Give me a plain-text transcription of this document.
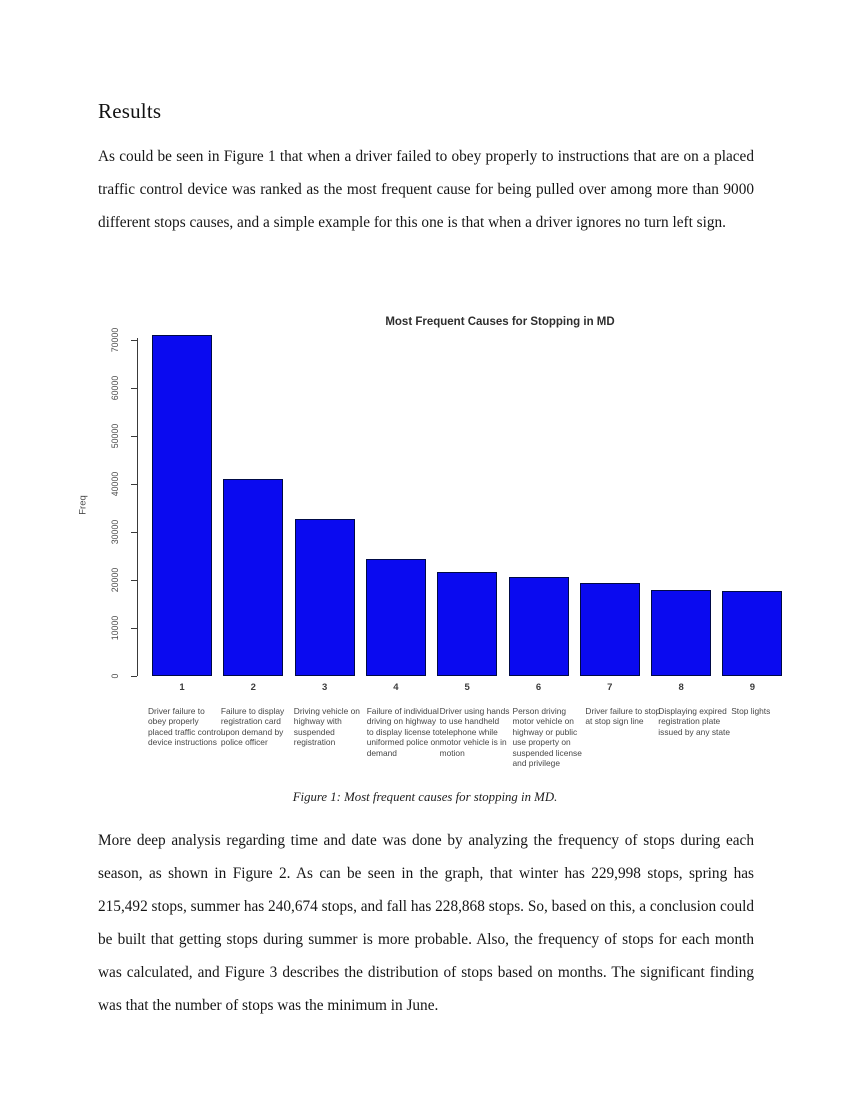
Results

As could be seen in Figure 1 that when a driver failed to obey properly to instructions that are on a placed traffic control device was ranked as the most frequent cause for being pulled over among more than 9000 different stops causes, and a simple example for this one is that when a driver ignores no turn left sign.

Most Frequent Causes for Stopping in MD
Freq
0
10000
20000
30000
40000
50000
60000
70000
1	2	3	4	5	6	7	8	9
Driver failure to obey properly placed traffic control device instructions
Failure to display registration card upon demand by police officer
Driving vehicle on highway with suspended registration
Failure of individual driving on highway to display license to uniformed police on demand
Driver using hands to use handheld telephone while motor vehicle is in motion
Person driving motor vehicle on highway or public use property on suspended license and privilege
Driver failure to stop at stop sign line
Displaying expired registration plate issued by any state
Stop lights
Figure 1: Most frequent causes for stopping in MD.

More deep analysis regarding time and date was done by analyzing the frequency of stops during each season, as shown in Figure 2. As can be seen in the graph, that winter has 229,998 stops, spring has 215,492 stops, summer has 240,674 stops, and fall has 228,868 stops. So, based on this, a conclusion could be built that getting stops during summer is more probable. Also, the frequency of stops for each month was calculated, and Figure 3 describes the distribution of stops based on months. The significant finding was that the number of stops was the minimum in June.
